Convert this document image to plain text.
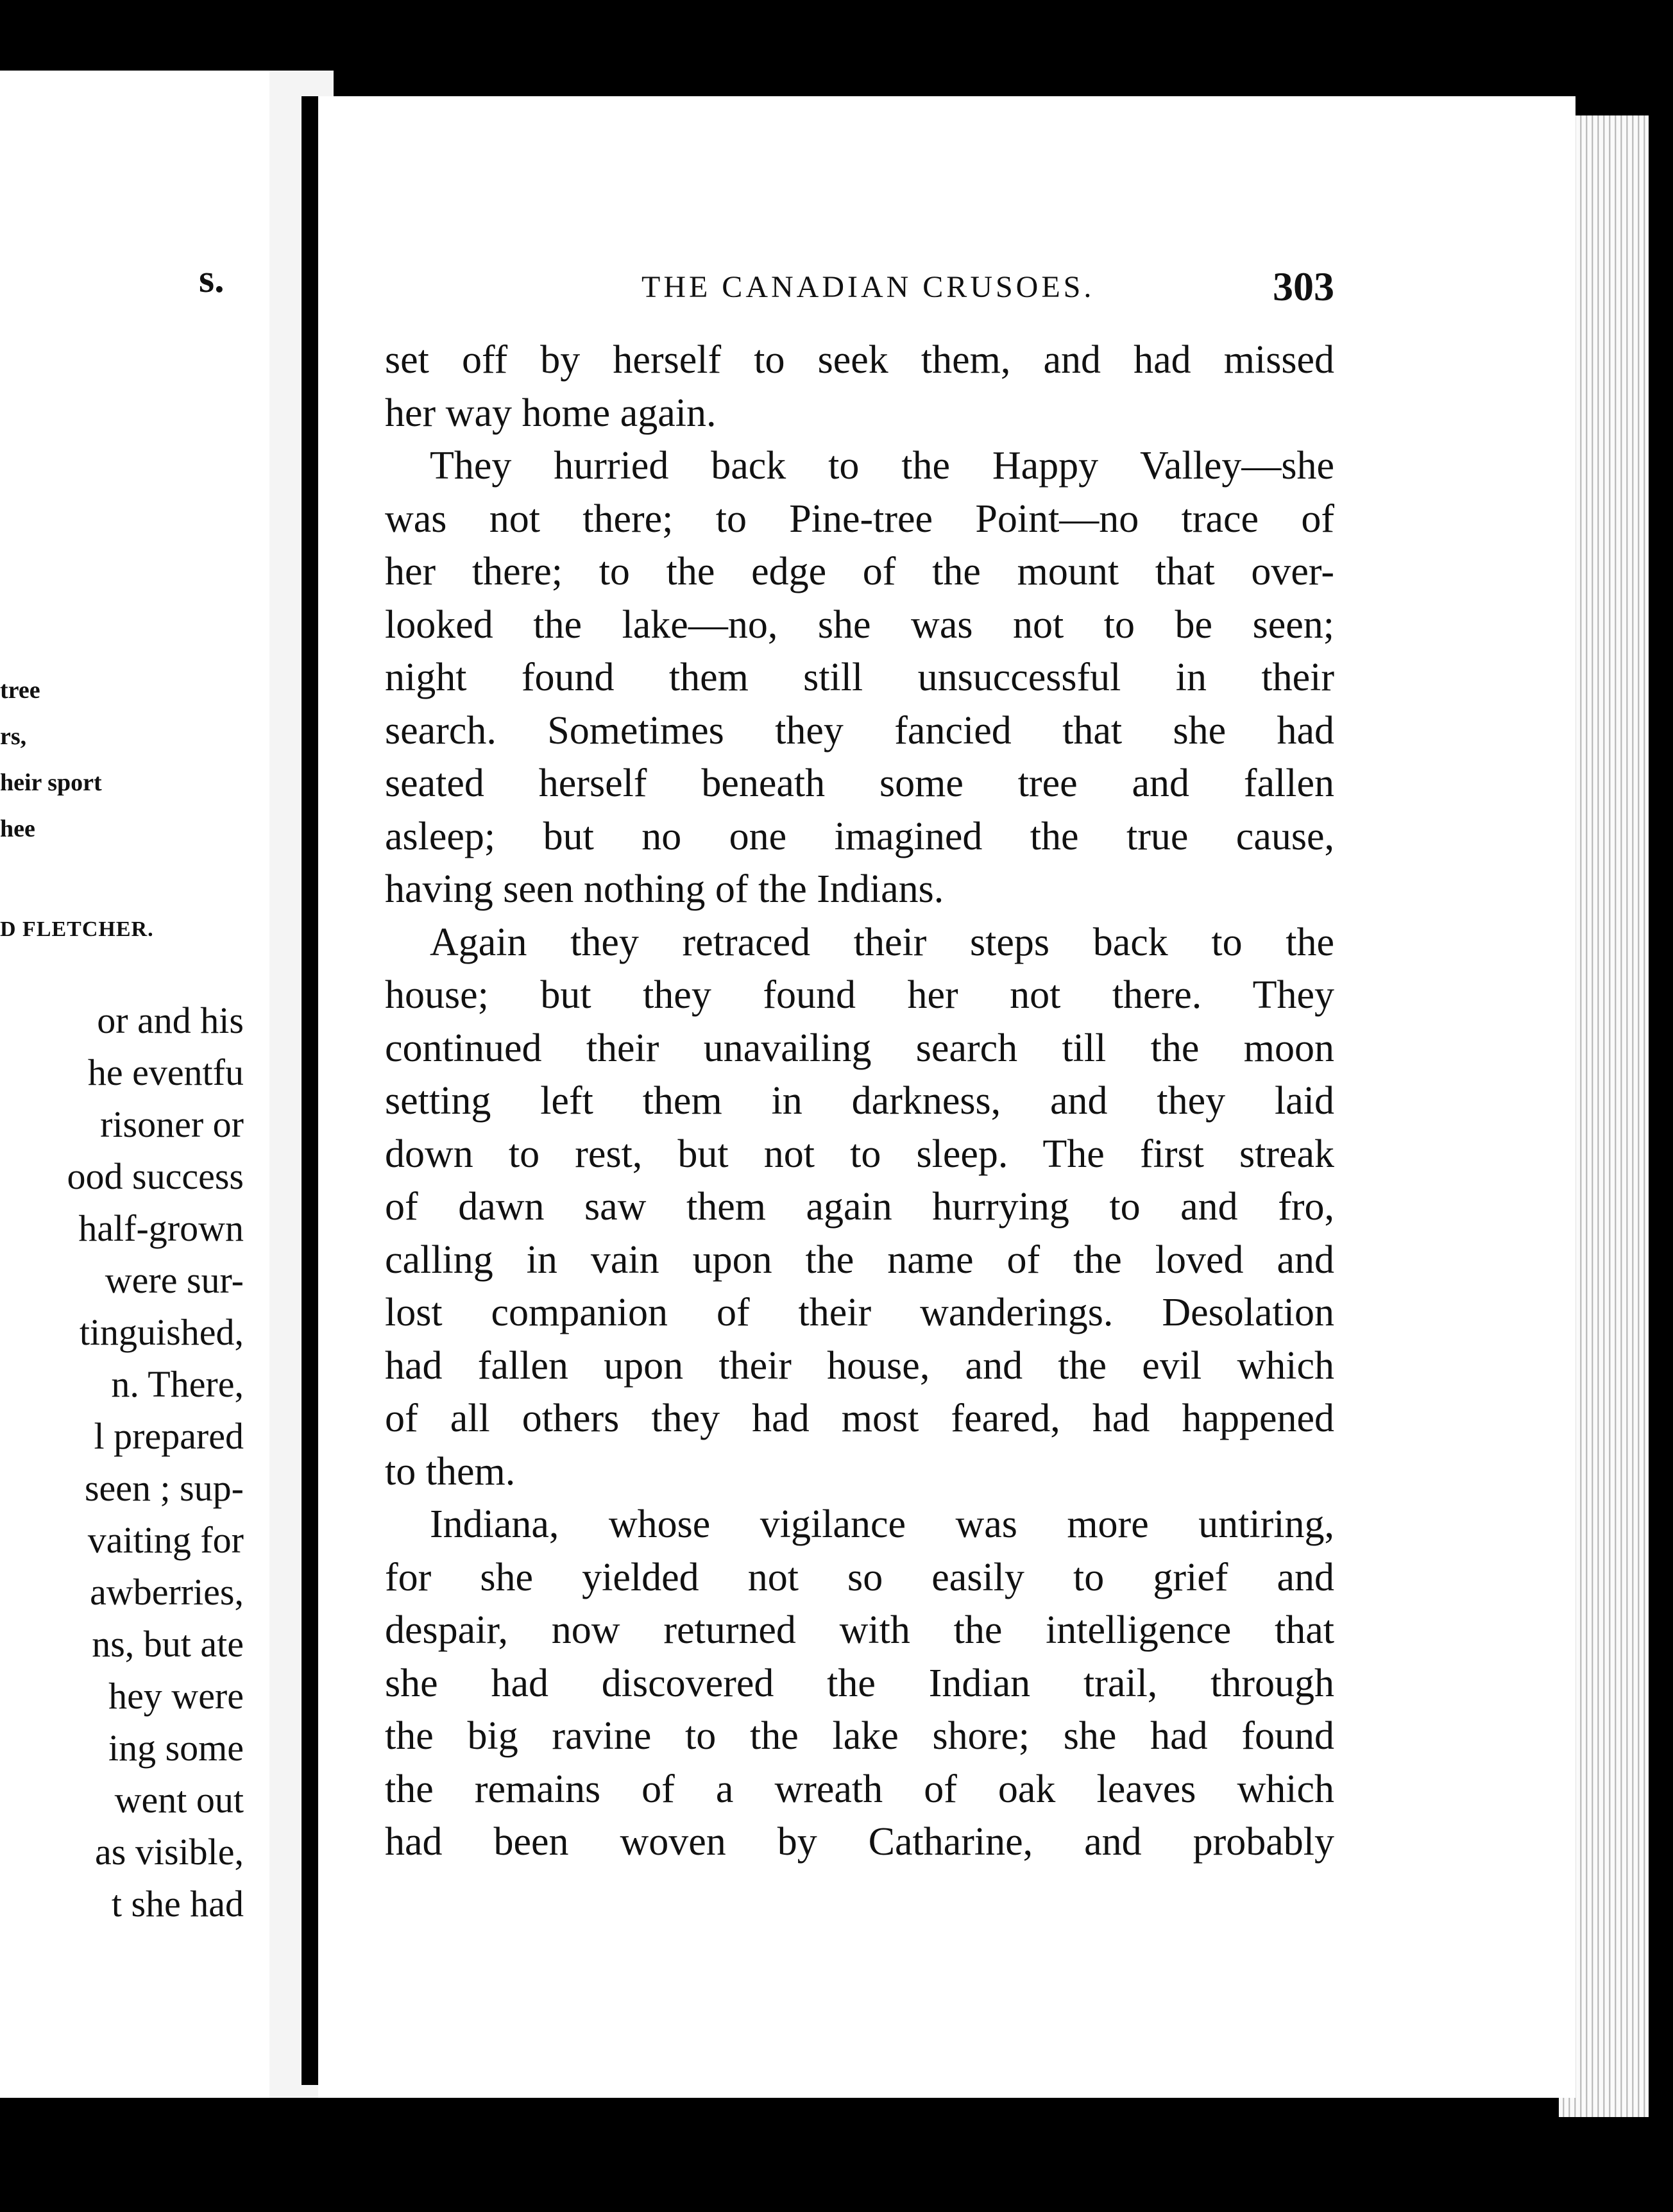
s.
tree
rs,
heir sport
hee
D FLETCHER.
or and his
he eventfu
risoner or
ood success
half-grown
were sur-
tinguished,
n. There,
l prepared
seen ; sup-
vaiting for
awberries,
ns, but ate
hey were
ing some
went out
as visible,
t she had
THE CANADIAN CRUSOES.	303
set off by herself to seek them, and had missed
her way home again.
They hurried back to the Happy Valley—she
was not there; to Pine-tree Point—no trace of
her there; to the edge of the mount that over-
looked the lake—no, she was not to be seen;
night found them still unsuccessful in their
search. Sometimes they fancied that she had
seated herself beneath some tree and fallen
asleep; but no one imagined the true cause,
having seen nothing of the Indians.
Again they retraced their steps back to the
house; but they found her not there. They
continued their unavailing search till the moon
setting left them in darkness, and they laid
down to rest, but not to sleep. The first streak
of dawn saw them again hurrying to and fro,
calling in vain upon the name of the loved and
lost companion of their wanderings. Desolation
had fallen upon their house, and the evil which
of all others they had most feared, had happened
to them.
Indiana, whose vigilance was more untiring,
for she yielded not so easily to grief and
despair, now returned with the intelligence that
she had discovered the Indian trail, through
the big ravine to the lake shore; she had found
the remains of a wreath of oak leaves which
had been woven by Catharine, and probably
